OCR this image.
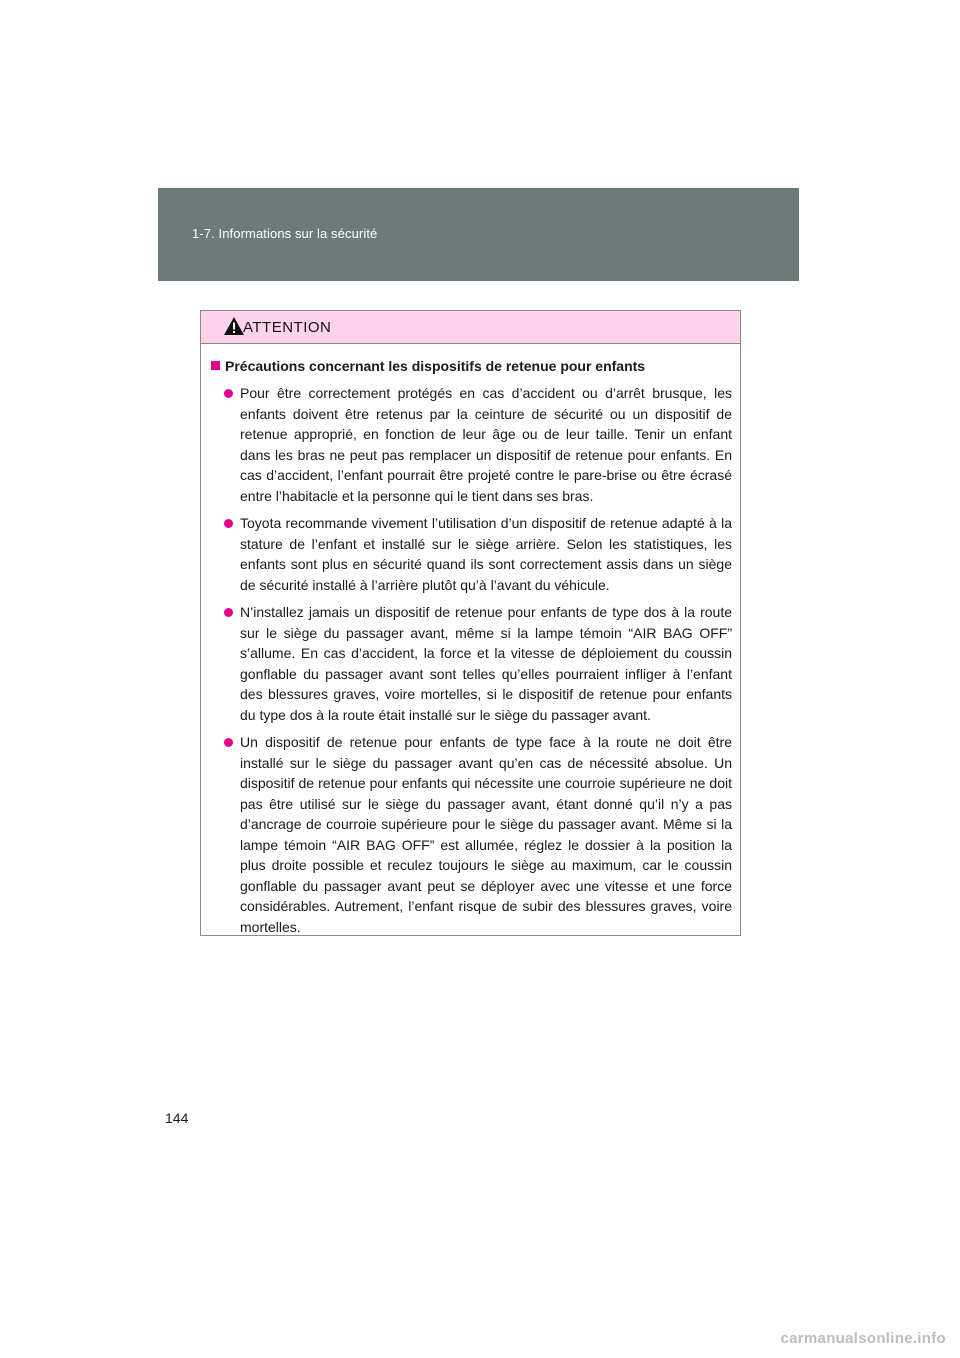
1-7. Informations sur la sécurité
ATTENTION
Précautions concernant les dispositifs de retenue pour enfants
Pour être correctement protégés en cas d’accident ou d’arrêt brusque, les enfants doivent être retenus par la ceinture de sécurité ou un dispositif de retenue approprié, en fonction de leur âge ou de leur taille. Tenir un enfant dans les bras ne peut pas remplacer un dispositif de retenue pour enfants. En cas d’accident, l’enfant pourrait être projeté contre le pare-brise ou être écrasé entre l’habitacle et la personne qui le tient dans ses bras.
Toyota recommande vivement l’utilisation d’un dispositif de retenue adapté à la stature de l’enfant et installé sur le siège arrière. Selon les statistiques, les enfants sont plus en sécurité quand ils sont correctement assis dans un siège de sécurité installé à l’arrière plutôt qu’à l’avant du véhicule.
N’installez jamais un dispositif de retenue pour enfants de type dos à la route sur le siège du passager avant, même si la lampe témoin “AIR BAG OFF” s’allume. En cas d’accident, la force et la vitesse de déploiement du coussin gonflable du passager avant sont telles qu’elles pourraient infliger à l’enfant des blessures graves, voire mortelles, si le dispositif de retenue pour enfants du type dos à la route était installé sur le siège du passager avant.
Un dispositif de retenue pour enfants de type face à la route ne doit être installé sur le siège du passager avant qu’en cas de nécessité absolue. Un dispositif de retenue pour enfants qui nécessite une courroie supérieure ne doit pas être utilisé sur le siège du passager avant, étant donné qu’il n’y a pas d’ancrage de courroie supérieure pour le siège du passager avant. Même si la lampe témoin “AIR BAG OFF” est allumée, réglez le dossier à la position la plus droite possible et reculez toujours le siège au maximum, car le coussin gonflable du passager avant peut se déployer avec une vitesse et une force considérables. Autrement, l’enfant risque de subir des blessures graves, voire mortelles.
144
carmanualsonline.info
